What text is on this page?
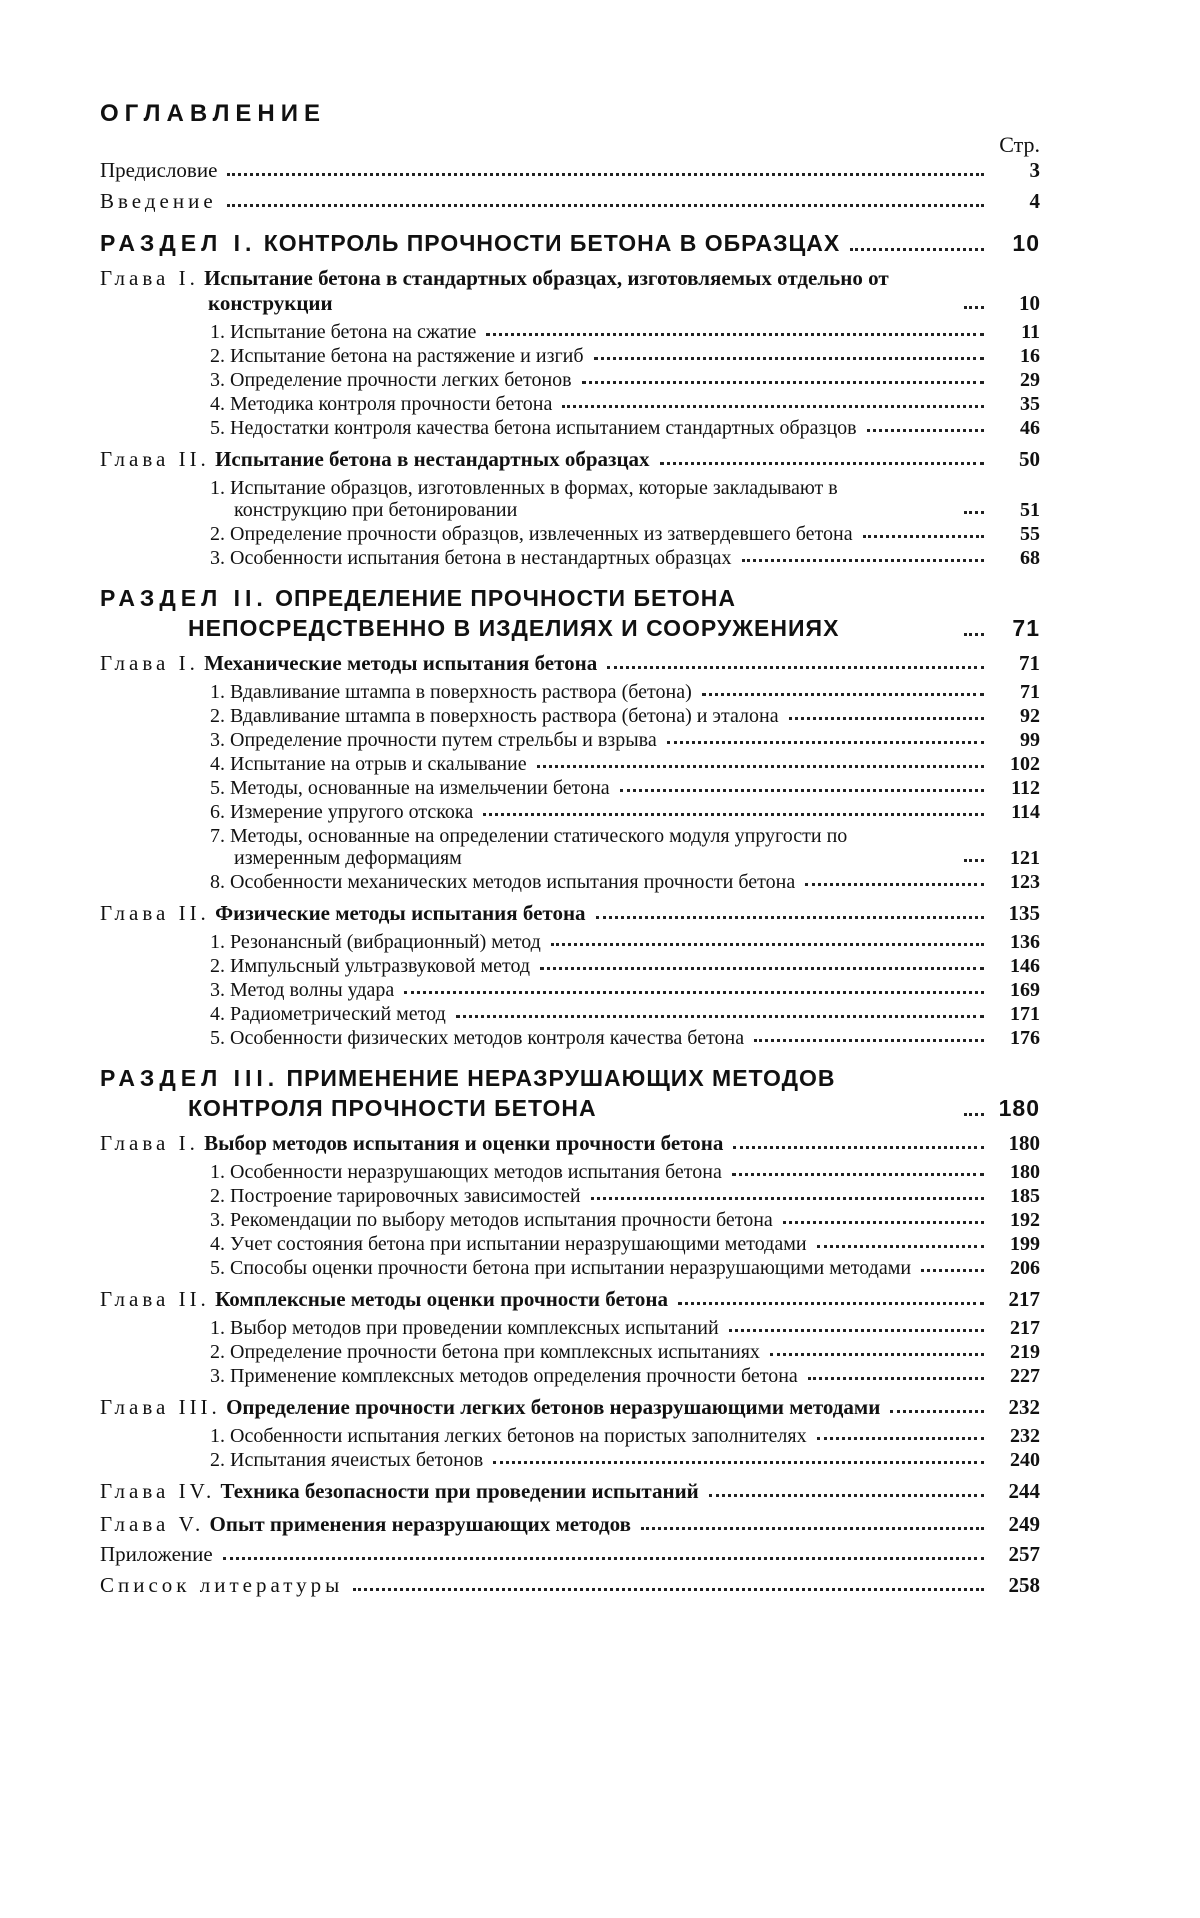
ОГЛАВЛЕНИЕ
Стр.
Предисловие	3
Введение	4
РАЗДЕЛ I. КОНТРОЛЬ ПРОЧНОСТИ БЕТОНА В ОБРАЗЦАХ	10
Глава I. Испытание бетона в стандартных образцах, изготовляемых отдельно от конструкции	10
1. Испытание бетона на сжатие	11
2. Испытание бетона на растяжение и изгиб	16
3. Определение прочности легких бетонов	29
4. Методика контроля прочности бетона	35
5. Недостатки контроля качества бетона испытанием стандартных образцов	46
Глава II. Испытание бетона в нестандартных образцах	50
1. Испытание образцов, изготовленных в формах, которые закладывают в конструкцию при бетонировании	51
2. Определение прочности образцов, извлеченных из затвердевшего бетона	55
3. Особенности испытания бетона в нестандартных образцах	68
РАЗДЕЛ II. ОПРЕДЕЛЕНИЕ ПРОЧНОСТИ БЕТОНА НЕПОСРЕДСТВЕННО В ИЗДЕЛИЯХ И СООРУЖЕНИЯХ	71
Глава I. Механические методы испытания бетона	71
1. Вдавливание штампа в поверхность раствора (бетона)	71
2. Вдавливание штампа в поверхность раствора (бетона) и эталона	92
3. Определение прочности путем стрельбы и взрыва	99
4. Испытание на отрыв и скалывание	102
5. Методы, основанные на измельчении бетона	112
6. Измерение упругого отскока	114
7. Методы, основанные на определении статического модуля упругости по измеренным деформациям	121
8. Особенности механических методов испытания прочности бетона	123
Глава II. Физические методы испытания бетона	135
1. Резонансный (вибрационный) метод	136
2. Импульсный ультразвуковой метод	146
3. Метод волны удара	169
4. Радиометрический метод	171
5. Особенности физических методов контроля качества бетона	176
РАЗДЕЛ III. ПРИМЕНЕНИЕ НЕРАЗРУШАЮЩИХ МЕТОДОВ КОНТРОЛЯ ПРОЧНОСТИ БЕТОНА	180
Глава I. Выбор методов испытания и оценки прочности бетона	180
1. Особенности неразрушающих методов испытания бетона	180
2. Построение тарировочных зависимостей	185
3. Рекомендации по выбору методов испытания прочности бетона	192
4. Учет состояния бетона при испытании неразрушающими методами	199
5. Способы оценки прочности бетона при испытании неразрушающими методами	206
Глава II. Комплексные методы оценки прочности бетона	217
1. Выбор методов при проведении комплексных испытаний	217
2. Определение прочности бетона при комплексных испытаниях	219
3. Применение комплексных методов определения прочности бетона	227
Глава III. Определение прочности легких бетонов неразрушающими методами	232
1. Особенности испытания легких бетонов на пористых заполнителях	232
2. Испытания ячеистых бетонов	240
Глава IV. Техника безопасности при проведении испытаний	244
Глава V. Опыт применения неразрушающих методов	249
Приложение	257
Список литературы	258
